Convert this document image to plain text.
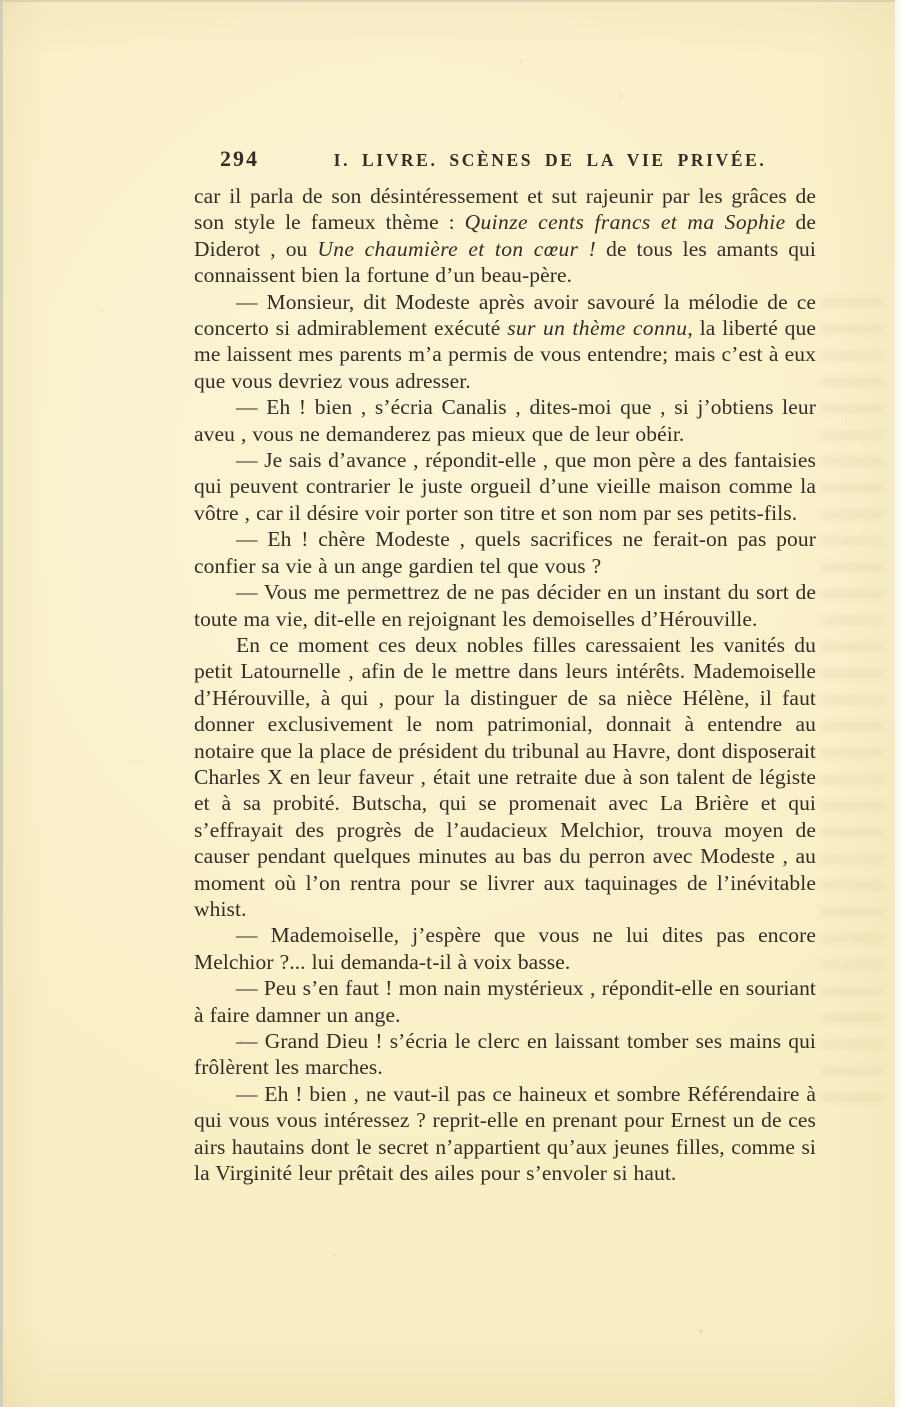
294	I. LIVRE. SCÈNES DE LA VIE PRIVÉE.

car il parla de son désintéressement et sut rajeunir par les grâces de son style le fameux thème : Quinze cents francs et ma Sophie de Diderot , ou Une chaumière et ton cœur ! de tous les amants qui connaissent bien la fortune d’un beau-père.

— Monsieur, dit Modeste après avoir savouré la mélodie de ce concerto si admirablement exécuté sur un thème connu, la liberté que me laissent mes parents m’a permis de vous entendre; mais c’est à eux que vous devriez vous adresser.

— Eh ! bien , s’écria Canalis , dites-moi que , si j’obtiens leur aveu , vous ne demanderez pas mieux que de leur obéir.

— Je sais d’avance , répondit-elle , que mon père a des fantaisies qui peuvent contrarier le juste orgueil d’une vieille maison comme la vôtre , car il désire voir porter son titre et son nom par ses petits-fils.

— Eh ! chère Modeste , quels sacrifices ne ferait-on pas pour confier sa vie à un ange gardien tel que vous ?

— Vous me permettrez de ne pas décider en un instant du sort de toute ma vie, dit-elle en rejoignant les demoiselles d’Hérouville.

En ce moment ces deux nobles filles caressaient les vanités du petit Latournelle , afin de le mettre dans leurs intérêts. Mademoiselle d’Hérouville, à qui , pour la distinguer de sa nièce Hélène, il faut donner exclusivement le nom patrimonial, donnait à entendre au notaire que la place de président du tribunal au Havre, dont disposerait Charles X en leur faveur , était une retraite due à son talent de légiste et à sa probité. Butscha, qui se promenait avec La Brière et qui s’effrayait des progrès de l’audacieux Melchior, trouva moyen de causer pendant quelques minutes au bas du perron avec Modeste , au moment où l’on rentra pour se livrer aux taquinages de l’inévitable whist.

— Mademoiselle, j’espère que vous ne lui dites pas encore Melchior ?... lui demanda-t-il à voix basse.

— Peu s’en faut ! mon nain mystérieux , répondit-elle en souriant à faire damner un ange.

— Grand Dieu ! s’écria le clerc en laissant tomber ses mains qui frôlèrent les marches.

— Eh ! bien , ne vaut-il pas ce haineux et sombre Référendaire à qui vous vous intéressez ? reprit-elle en prenant pour Ernest un de ces airs hautains dont le secret n’appartient qu’aux jeunes filles, comme si la Virginité leur prêtait des ailes pour s’envoler si haut.
